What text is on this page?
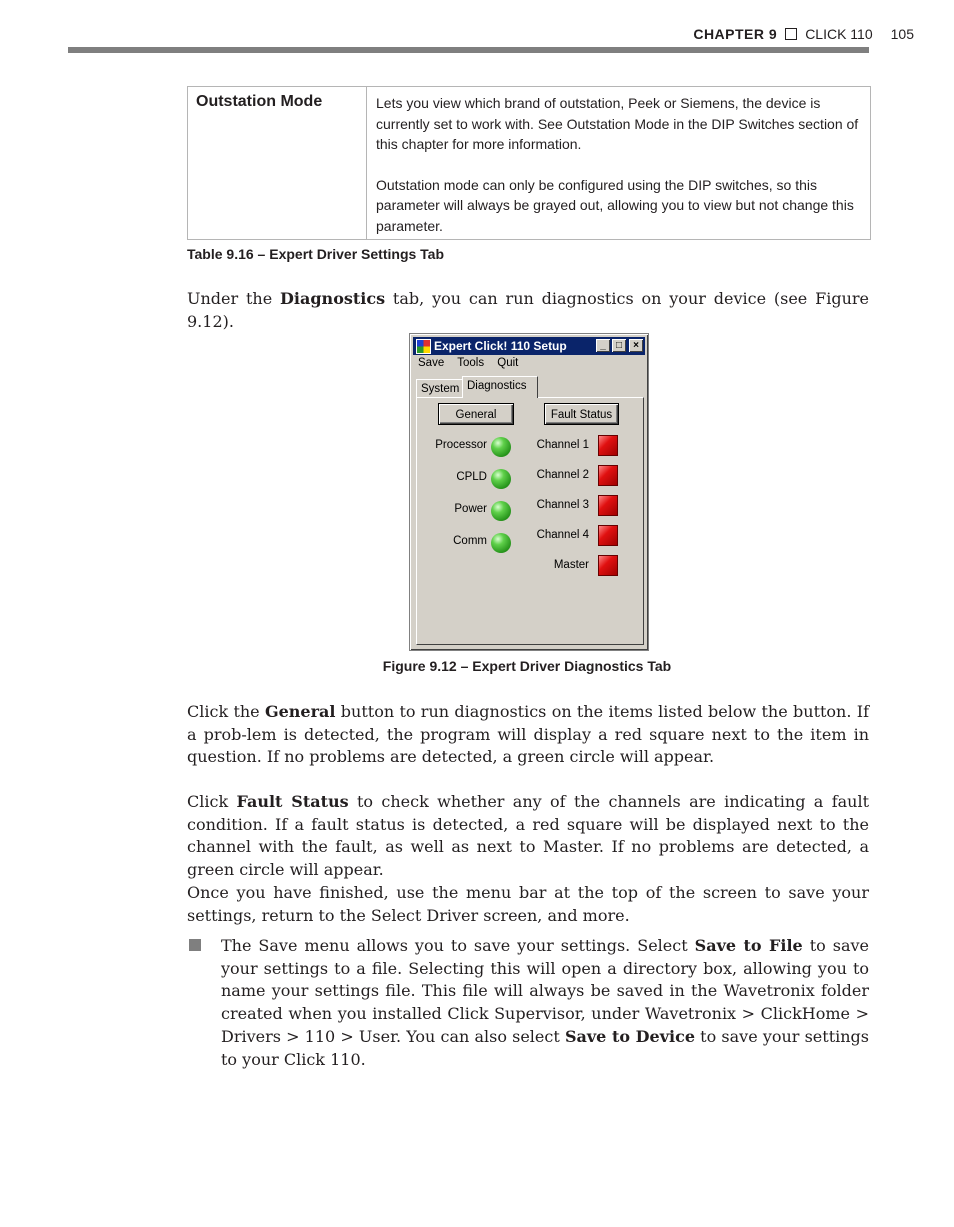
CHAPTER 9 CLICK 110 105
Outstation Mode	Lets you view which brand of outstation, Peek or Siemens, the device is currently set to work with. See Outstation Mode in the DIP Switches section of this chapter for more information.

Outstation mode can only be configured using the DIP switches, so this parameter will always be grayed out, allowing you to view but not change this parameter.

Table 9.16 – Expert Driver Settings Tab
Under the Diagnostics tab, you can run diagnostics on your device (see Figure 9.12).
Expert Click! 110 Setup	_	□	×
Save Tools Quit
System Diagnostics
General	Fault Status
Processor
CPLD
Power
Comm
Channel 1
Channel 2
Channel 3
Channel 4
Master
Figure 9.12 – Expert Driver Diagnostics Tab
Click the General button to run diagnostics on the items listed below the button. If a prob-lem is detected, the program will display a red square next to the item in question. If no problems are detected, a green circle will appear.
Click Fault Status to check whether any of the channels are indicating a fault condition. If a fault status is detected, a red square will be displayed next to the channel with the fault, as well as next to Master. If no problems are detected, a green circle will appear.
Once you have finished, use the menu bar at the top of the screen to save your settings, return to the Select Driver screen, and more.
The Save menu allows you to save your settings. Select Save to File to save your settings to a file. Selecting this will open a directory box, allowing you to name your settings file. This file will always be saved in the Wavetronix folder created when you installed Click Supervisor, under Wavetronix > ClickHome > Drivers > 110 > User. You can also select Save to Device to save your settings to your Click 110.
